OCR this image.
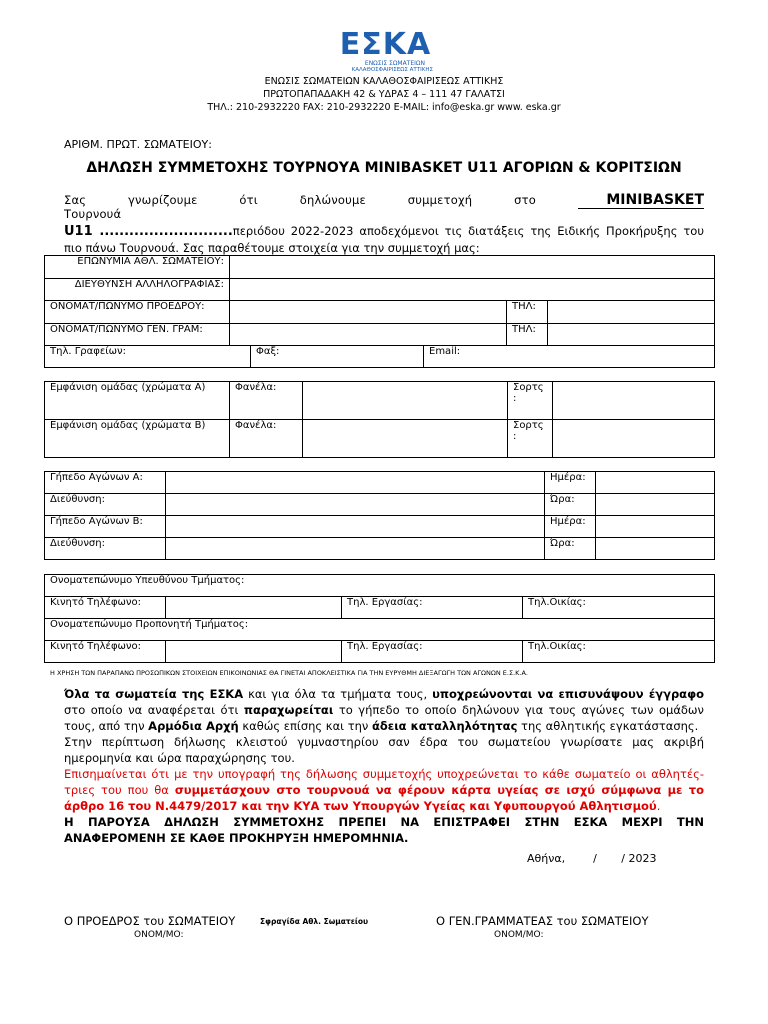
ΕΣΚΑ
ΕΝΩΣΙΣ ΣΩΜΑΤΕΙΩΝ
ΚΑΛΑΘΟΣΦΑΙΡΙΣΕΩΣ ΑΤΤΙΚΗΣ
ΕΝΩΣΙΣ ΣΩΜΑΤΕΙΩΝ ΚΑΛΑΘΟΣΦΑΙΡΙΣΕΩΣ ΑΤΤΙΚΗΣ
ΠΡΩΤΟΠΑΠΑΔΑΚΗ 42 & ΥΔΡΑΣ 4 – 111 47 ΓΑΛΑΤΣΙ
ΤΗΛ.: 210-2932220 FAX: 210-2932220 E-MAIL: info@eska.gr www. eska.gr
ΑΡΙΘΜ. ΠΡΩΤ. ΣΩΜΑΤΕΙΟΥ:
ΔΗΛΩΣΗ ΣΥΜΜΕΤΟΧΗΣ ΤΟΥΡΝΟΥΑ MINIBASKET U11 ΑΓΟΡΙΩΝ & ΚΟΡΙΤΣΙΩΝ
Σας γνωρίζουμε ότι δηλώνουμε συμμετοχή στο Τουρνουά
MINIBASKET
U11 ...........................περιόδου 2022-2023 αποδεχόμενοι τις διατάξεις της Ειδικής Προκήρυξης του πιο πάνω Τουρνουά. Σας παραθέτουμε στοιχεία για την συμμετοχή μας:
ΕΠΩΝΥΜΙΑ ΑΘΛ. ΣΩΜΑΤΕΙΟΥ:			
ΔΙΕΥΘΥΝΣΗ ΑΛΛΗΛΟΓΡΑΦΙΑΣ:			
ΟΝΟΜΑΤ/ΠΩΝΥΜΟ ΠΡΟΕΔΡΟΥ:		ΤΗΛ:	
ΟΝΟΜΑΤ/ΠΩΝΥΜΟ ΓΕΝ. ΓΡΑΜ:		ΤΗΛ:	
Τηλ. Γραφείων:	Φαξ:	Email:
Εμφάνιση ομάδας (χρώματα Α)	Φανέλα:		Σορτς
:	
Εμφάνιση ομάδας (χρώματα Β)	Φανέλα:		Σορτς
:	
Γήπεδο Αγώνων Α:		Ημέρα:	
Διεύθυνση:		Ώρα:	
Γήπεδο Αγώνων Β:		Ημέρα:	
Διεύθυνση:		Ώρα:	
Ονοματεπώνυμο Υπευθύνου Τμήματος:			
Κινητό Τηλέφωνο:		Τηλ. Εργασίας:	Τηλ.Οικίας:
Ονοματεπώνυμο Προπονητή Τμήματος:			
Κινητό Τηλέφωνο:		Τηλ. Εργασίας:	Τηλ.Οικίας:
Η ΧΡΗΣΗ ΤΩΝ ΠΑΡΑΠΑΝΩ ΠΡΟΣΩΠΙΚΩΝ ΣΤΟΙΧΕΙΩΝ ΕΠΙΚΟΙΝΩΝΙΑΣ ΘΑ ΓΙΝΕΤΑΙ ΑΠΟΚΛΕΙΣΤΙΚΑ ΓΙΑ ΤΗΝ ΕΥΡΥΘΜΗ ΔΙΕΞΑΓΩΓΗ ΤΩΝ ΑΓΩΝΩΝ Ε.Σ.Κ.Α.
Όλα τα σωματεία της ΕΣΚΑ και για όλα τα τμήματα τους, υποχρεώνονται να επισυνάψουν έγγραφο στο οποίο να αναφέρεται ότι παραχωρείται το γήπεδο το οποίο δηλώνουν για τους αγώνες των ομάδων τους, από την Αρμόδια Αρχή καθώς επίσης και την άδεια καταλληλότητας της αθλητικής εγκατάστασης.
Στην περίπτωση δήλωσης κλειστού γυμναστηρίου σαν έδρα του σωματείου γνωρίσατε μας ακριβή ημερομηνία και ώρα παραχώρησης του.
Επισημαίνεται ότι με την υπογραφή της δήλωσης συμμετοχής υποχρεώνεται το κάθε σωματείο οι αθλητές-τριες του που θα συμμετάσχουν στο τουρνουά να φέρουν κάρτα υγείας σε ισχύ σύμφωνα με το άρθρο 16 του Ν.4479/2017 και την ΚΥΑ των Υπουργών Υγείας και Υφυπουργού Αθλητισμού.
Η ΠΑΡΟΥΣΑ ΔΗΛΩΣΗ ΣΥΜΜΕΤΟΧΗΣ ΠΡΕΠΕΙ ΝΑ ΕΠΙΣΤΡΑΦΕΙ ΣΤΗΝ ΕΣΚΑ ΜΕΧΡΙ ΤΗΝ ΑΝΑΦΕΡΟΜΕΝΗ ΣΕ ΚΑΘΕ ΠΡΟΚΗΡΥΞΗ ΗΜΕΡΟΜΗΝΙΑ.
Αθήνα,        /       / 2023
Ο ΠΡΟΕΔΡΟΣ του ΣΩΜΑΤΕΙΟΥ	Σφραγίδα Αθλ. Σωματείου	Ο ΓΕΝ.ΓΡΑΜΜΑΤΕΑΣ του ΣΩΜΑΤΕΙΟΥ
ΟΝΟΜ/ΜΟ:	ΟΝΟΜ/ΜΟ:
